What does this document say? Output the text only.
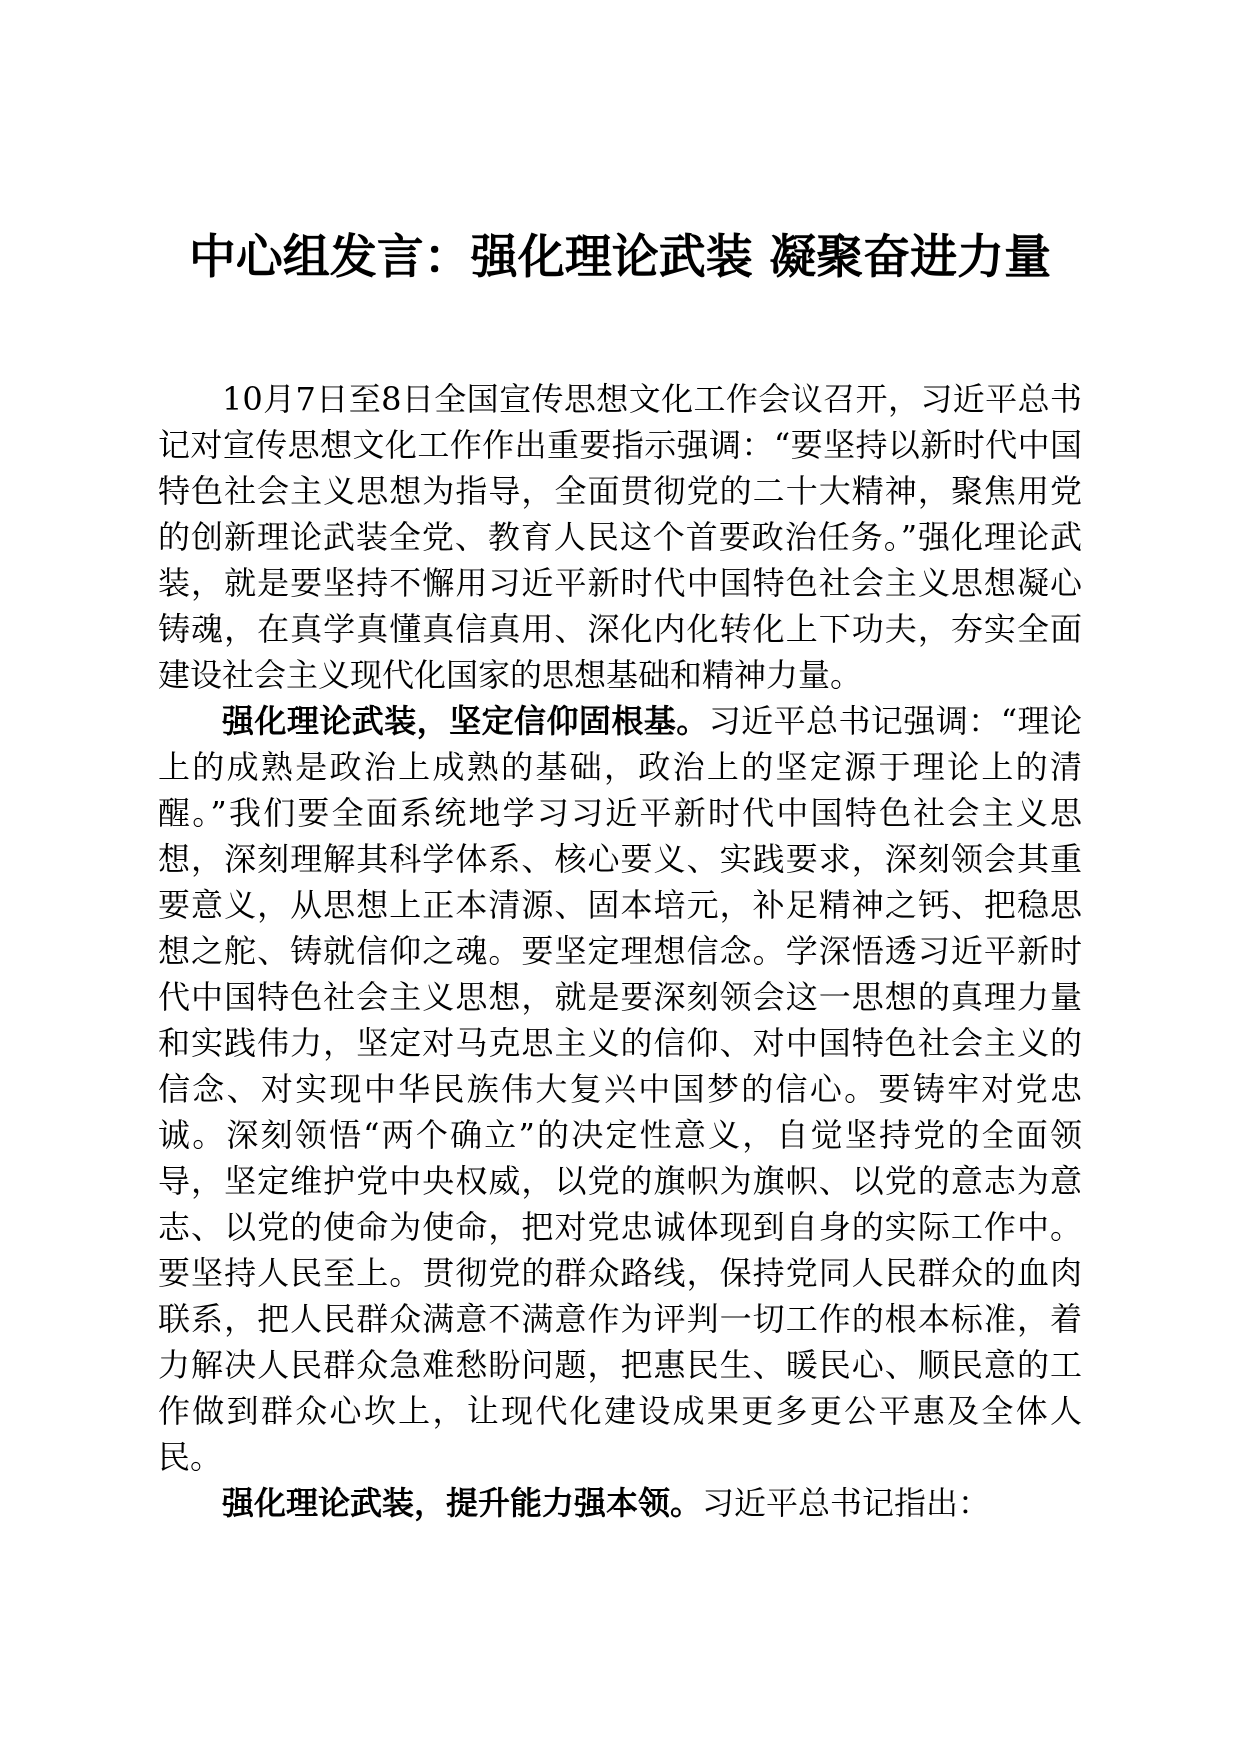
中心组发言：强化理论武装 凝聚奋进力量

10月7日至8日全国宣传思想文化工作会议召开，习近平总书记对宣传思想文化工作作出重要指示强调：“要坚持以新时代中国特色社会主义思想为指导，全面贯彻党的二十大精神，聚焦用党的创新理论武装全党、教育人民这个首要政治任务。”强化理论武装，就是要坚持不懈用习近平新时代中国特色社会主义思想凝心铸魂，在真学真懂真信真用、深化内化转化上下功夫，夯实全面建设社会主义现代化国家的思想基础和精神力量。

强化理论武装，坚定信仰固根基。习近平总书记强调：“理论上的成熟是政治上成熟的基础，政治上的坚定源于理论上的清醒。”我们要全面系统地学习习近平新时代中国特色社会主义思想，深刻理解其科学体系、核心要义、实践要求，深刻领会其重要意义，从思想上正本清源、固本培元，补足精神之钙、把稳思想之舵、铸就信仰之魂。要坚定理想信念。学深悟透习近平新时代中国特色社会主义思想，就是要深刻领会这一思想的真理力量和实践伟力，坚定对马克思主义的信仰、对中国特色社会主义的信念、对实现中华民族伟大复兴中国梦的信心。要铸牢对党忠诚。深刻领悟“两个确立”的决定性意义，自觉坚持党的全面领导，坚定维护党中央权威，以党的旗帜为旗帜、以党的意志为意志、以党的使命为使命，把对党忠诚体现到自身的实际工作中。要坚持人民至上。贯彻党的群众路线，保持党同人民群众的血肉联系，把人民群众满意不满意作为评判一切工作的根本标准，着力解决人民群众急难愁盼问题，把惠民生、暖民心、顺民意的工作做到群众心坎上，让现代化建设成果更多更公平惠及全体人民。

强化理论武装，提升能力强本领。习近平总书记指出：
